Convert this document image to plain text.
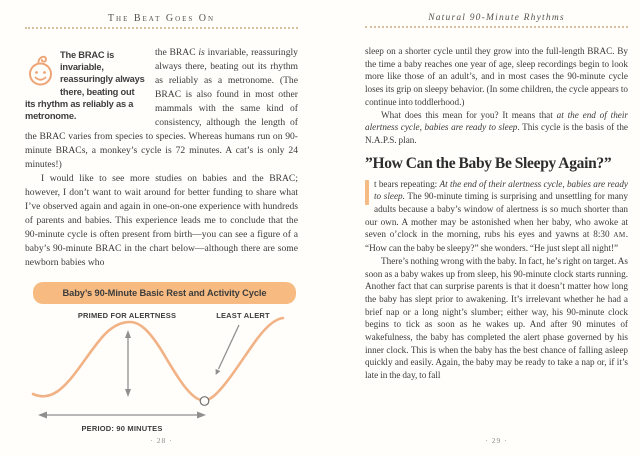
The Beat Goes On

The BRAC is invariable, reassuringly always there, beating out its rhythm as reliably as a metronome.
the BRAC is invariable, reassuringly always there, beating out its rhythm as reliably as a metronome. (The BRAC is also found in most other mammals with the same kind of consistency, although the length of the BRAC varies from species to species. Whereas humans run on 90-minute BRACs, a monkey’s cycle is 72 minutes. A cat’s is only 24 minutes!)

I would like to see more studies on babies and the BRAC; however, I don’t want to wait around for better funding to share what I’ve observed again and again in one-on-one experience with hundreds of parents and babies. This experience leads me to conclude that the 90-minute cycle is often present from birth—you can see a figure of a baby’s 90-minute BRAC in the chart below—although there are some newborn babies who

Baby’s 90-Minute Basic Rest and Activity Cycle
PRIMED FOR ALERTNESS	LEAST ALERT
PERIOD: 90 MINUTES
· 28 ·
Natural 90-Minute Rhythms

sleep on a shorter cycle until they grow into the full-length BRAC. By the time a baby reaches one year of age, sleep recordings begin to look more like those of an adult’s, and in most cases the 90-minute cycle loses its grip on sleepy behavior. (In some children, the cycle appears to continue into toddlerhood.)

What does this mean for you? It means that at the end of their alertness cycle, babies are ready to sleep. This cycle is the basis of the N.A.P.S. plan.

”How Can the Baby Be Sleepy Again?”

t bears repeating: At the end of their alertness cycle, babies are ready to sleep. The 90-minute timing is surprising and unsettling for many adults because a baby’s window of alertness is so much shorter than our own. A mother may be astonished when her baby, who awoke at seven o’clock in the morning, rubs his eyes and yawns at 8:30 AM. “How can the baby be sleepy?” she wonders. “He just slept all night!”

There’s nothing wrong with the baby. In fact, he’s right on target. As soon as a baby wakes up from sleep, his 90-minute clock starts running. Another fact that can surprise parents is that it doesn’t matter how long the baby has slept prior to awakening. It’s irrelevant whether he had a brief nap or a long night’s slumber; either way, his 90-minute clock begins to tick as soon as he wakes up. And after 90 minutes of wakefulness, the baby has completed the alert phase governed by his inner clock. This is when the baby has the best chance of falling asleep quickly and easily. Again, the baby may be ready to take a nap or, if it’s late in the day, to fall

· 29 ·
